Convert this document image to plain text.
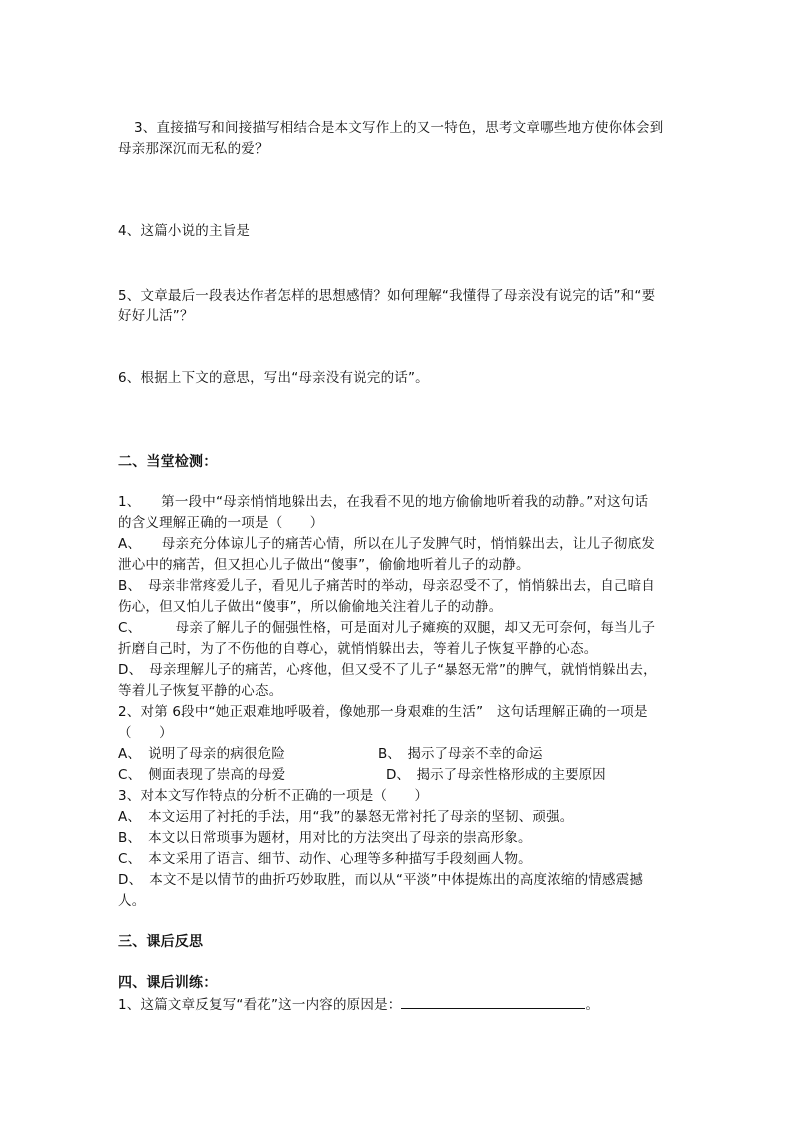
3、直接描写和间接描写相结合是本文写作上的又一特色，思考文章哪些地方使你体会到
母亲那深沉而无私的爱？
4、这篇小说的主旨是
5、文章最后一段表达作者怎样的思想感情？如何理解“我懂得了母亲没有说完的话”和“要
好好儿活”？
6、根据上下文的意思，写出“母亲没有说完的话”。
二、当堂检测：
1、　　第一段中“母亲悄悄地躲出去，在我看不见的地方偷偷地听着我的动静。”对这句话
的含义理解正确的一项是（　　）
A、　　母亲充分体谅儿子的痛苦心情，所以在儿子发脾气时，悄悄躲出去，让儿子彻底发
泄心中的痛苦，但又担心儿子做出“傻事”，偷偷地听着儿子的动静。
B、　母亲非常疼爱儿子，看见儿子痛苦时的举动，母亲忍受不了，悄悄躲出去，自己暗自
伤心，但又怕儿子做出“傻事”，所以偷偷地关注着儿子的动静。
C、　　　母亲了解儿子的倔强性格，可是面对儿子瘫痪的双腿，却又无可奈何，每当儿子
折磨自己时，为了不伤他的自尊心，就悄悄躲出去，等着儿子恢复平静的心态。
D、　母亲理解儿子的痛苦，心疼他，但又受不了儿子“暴怒无常”的脾气，就悄悄躲出去，
等着儿子恢复平静的心态。
2、对第 6段中“她正艰难地呼吸着，像她那一身艰难的生活”　这句话理解正确的一项是
（　　）
A、　说明了母亲的病很危险	B、　揭示了母亲不幸的命运
C、　侧面表现了崇高的母爱	D、　揭示了母亲性格形成的主要原因
3、对本文写作特点的分析不正确的一项是（　　）
A、　本文运用了衬托的手法，用“我”的暴怒无常衬托了母亲的坚韧、顽强。
B、　本文以日常琐事为题材，用对比的方法突出了母亲的崇高形象。
C、　本文采用了语言、细节、动作、心理等多种描写手段刻画人物。
D、　本文不是以情节的曲折巧妙取胜，而以从“平淡”中体提炼出的高度浓缩的情感震撼
人。
三、课后反思
四、课后训练：
1、这篇文章反复写“看花”这一内容的原因是：	。
